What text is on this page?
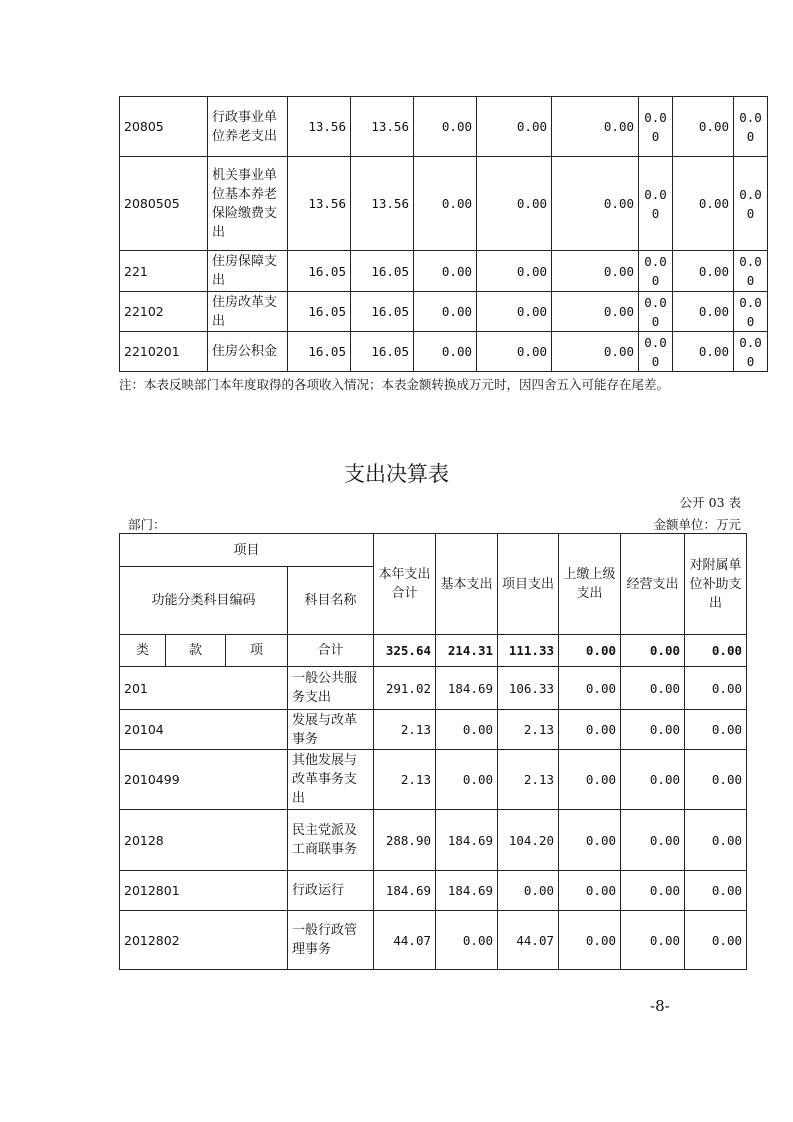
20805	行政事业单位养老支出	13.56	13.56	0.00	0.00	0.00	0.00	0.00	0.00
2080505	机关事业单位基本养老保险缴费支出	13.56	13.56	0.00	0.00	0.00	0.00	0.00	0.00
221	住房保障支出	16.05	16.05	0.00	0.00	0.00	0.00	0.00	0.00
22102	住房改革支出	16.05	16.05	0.00	0.00	0.00	0.00	0.00	0.00
2210201	住房公积金	16.05	16.05	0.00	0.00	0.00	0.00	0.00	0.00
注：本表反映部门本年度取得的各项收入情况；本表金额转换成万元时，因四舍五入可能存在尾差。
支出决算表
公开 03 表
部门：	金额单位：万元
项目				本年支出合计	基本支出	项目支出	上缴上级支出	经营支出	对附属单位补助支出
功能分类科目编码			科目名称						
类	款	项	合计	325.64	214.31	111.33	0.00	0.00	0.00
201			一般公共服务支出	291.02	184.69	106.33	0.00	0.00	0.00
20104			发展与改革事务	2.13	0.00	2.13	0.00	0.00	0.00
2010499			其他发展与改革事务支出	2.13	0.00	2.13	0.00	0.00	0.00
20128			民主党派及工商联事务	288.90	184.69	104.20	0.00	0.00	0.00
2012801			行政运行	184.69	184.69	0.00	0.00	0.00	0.00
2012802			一般行政管理事务	44.07	0.00	44.07	0.00	0.00	0.00
-8-
